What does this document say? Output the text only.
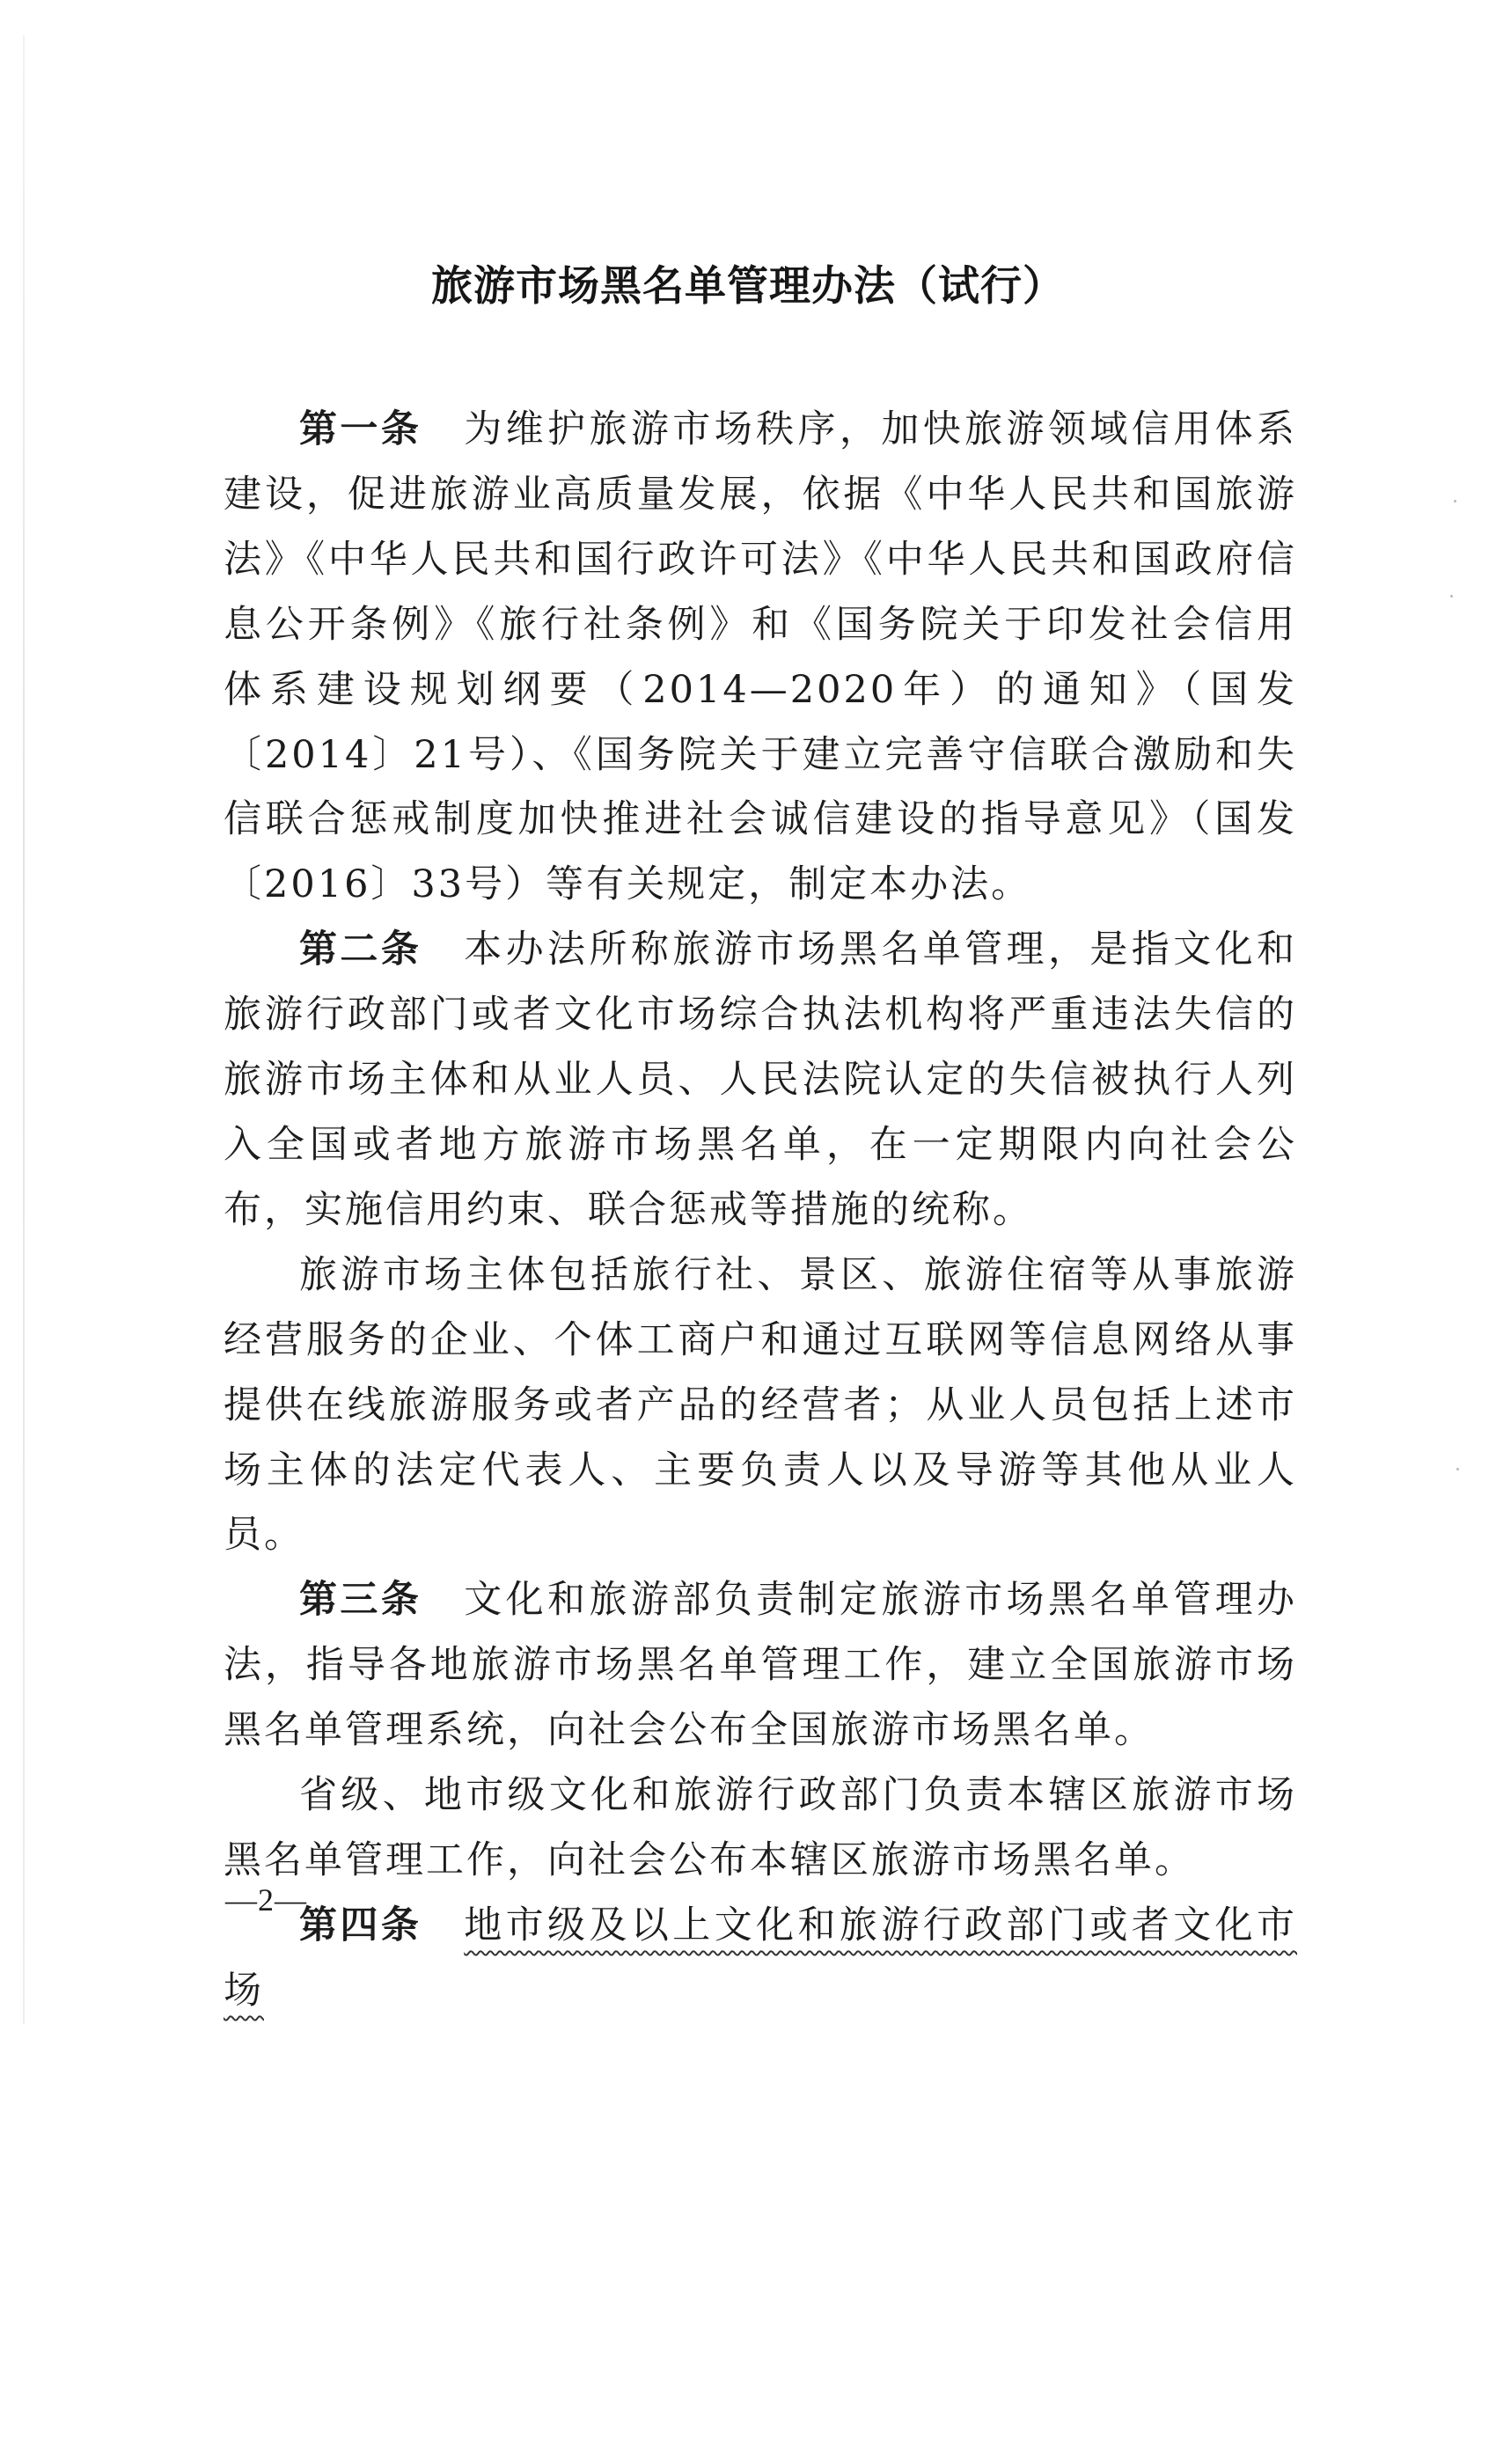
旅游市场黑名单管理办法（试行）

第一条 为维护旅游市场秩序，加快旅游领域信用体系建设，促进旅游业高质量发展，依据《中华人民共和国旅游法》《中华人民共和国行政许可法》《中华人民共和国政府信息公开条例》《旅行社条例》和《国务院关于印发社会信用体系建设规划纲要（2014—2020年）的通知》（国发〔2014〕21号）、《国务院关于建立完善守信联合激励和失信联合惩戒制度加快推进社会诚信建设的指导意见》（国发〔2016〕33号）等有关规定，制定本办法。

第二条 本办法所称旅游市场黑名单管理，是指文化和旅游行政部门或者文化市场综合执法机构将严重违法失信的旅游市场主体和从业人员、人民法院认定的失信被执行人列入全国或者地方旅游市场黑名单，在一定期限内向社会公布，实施信用约束、联合惩戒等措施的统称。

旅游市场主体包括旅行社、景区、旅游住宿等从事旅游经营服务的企业、个体工商户和通过互联网等信息网络从事提供在线旅游服务或者产品的经营者；从业人员包括上述市场主体的法定代表人、主要负责人以及导游等其他从业人员。

第三条 文化和旅游部负责制定旅游市场黑名单管理办法，指导各地旅游市场黑名单管理工作，建立全国旅游市场黑名单管理系统，向社会公布全国旅游市场黑名单。

省级、地市级文化和旅游行政部门负责本辖区旅游市场黑名单管理工作，向社会公布本辖区旅游市场黑名单。

第四条 地市级及以上文化和旅游行政部门或者文化市场

—2—
